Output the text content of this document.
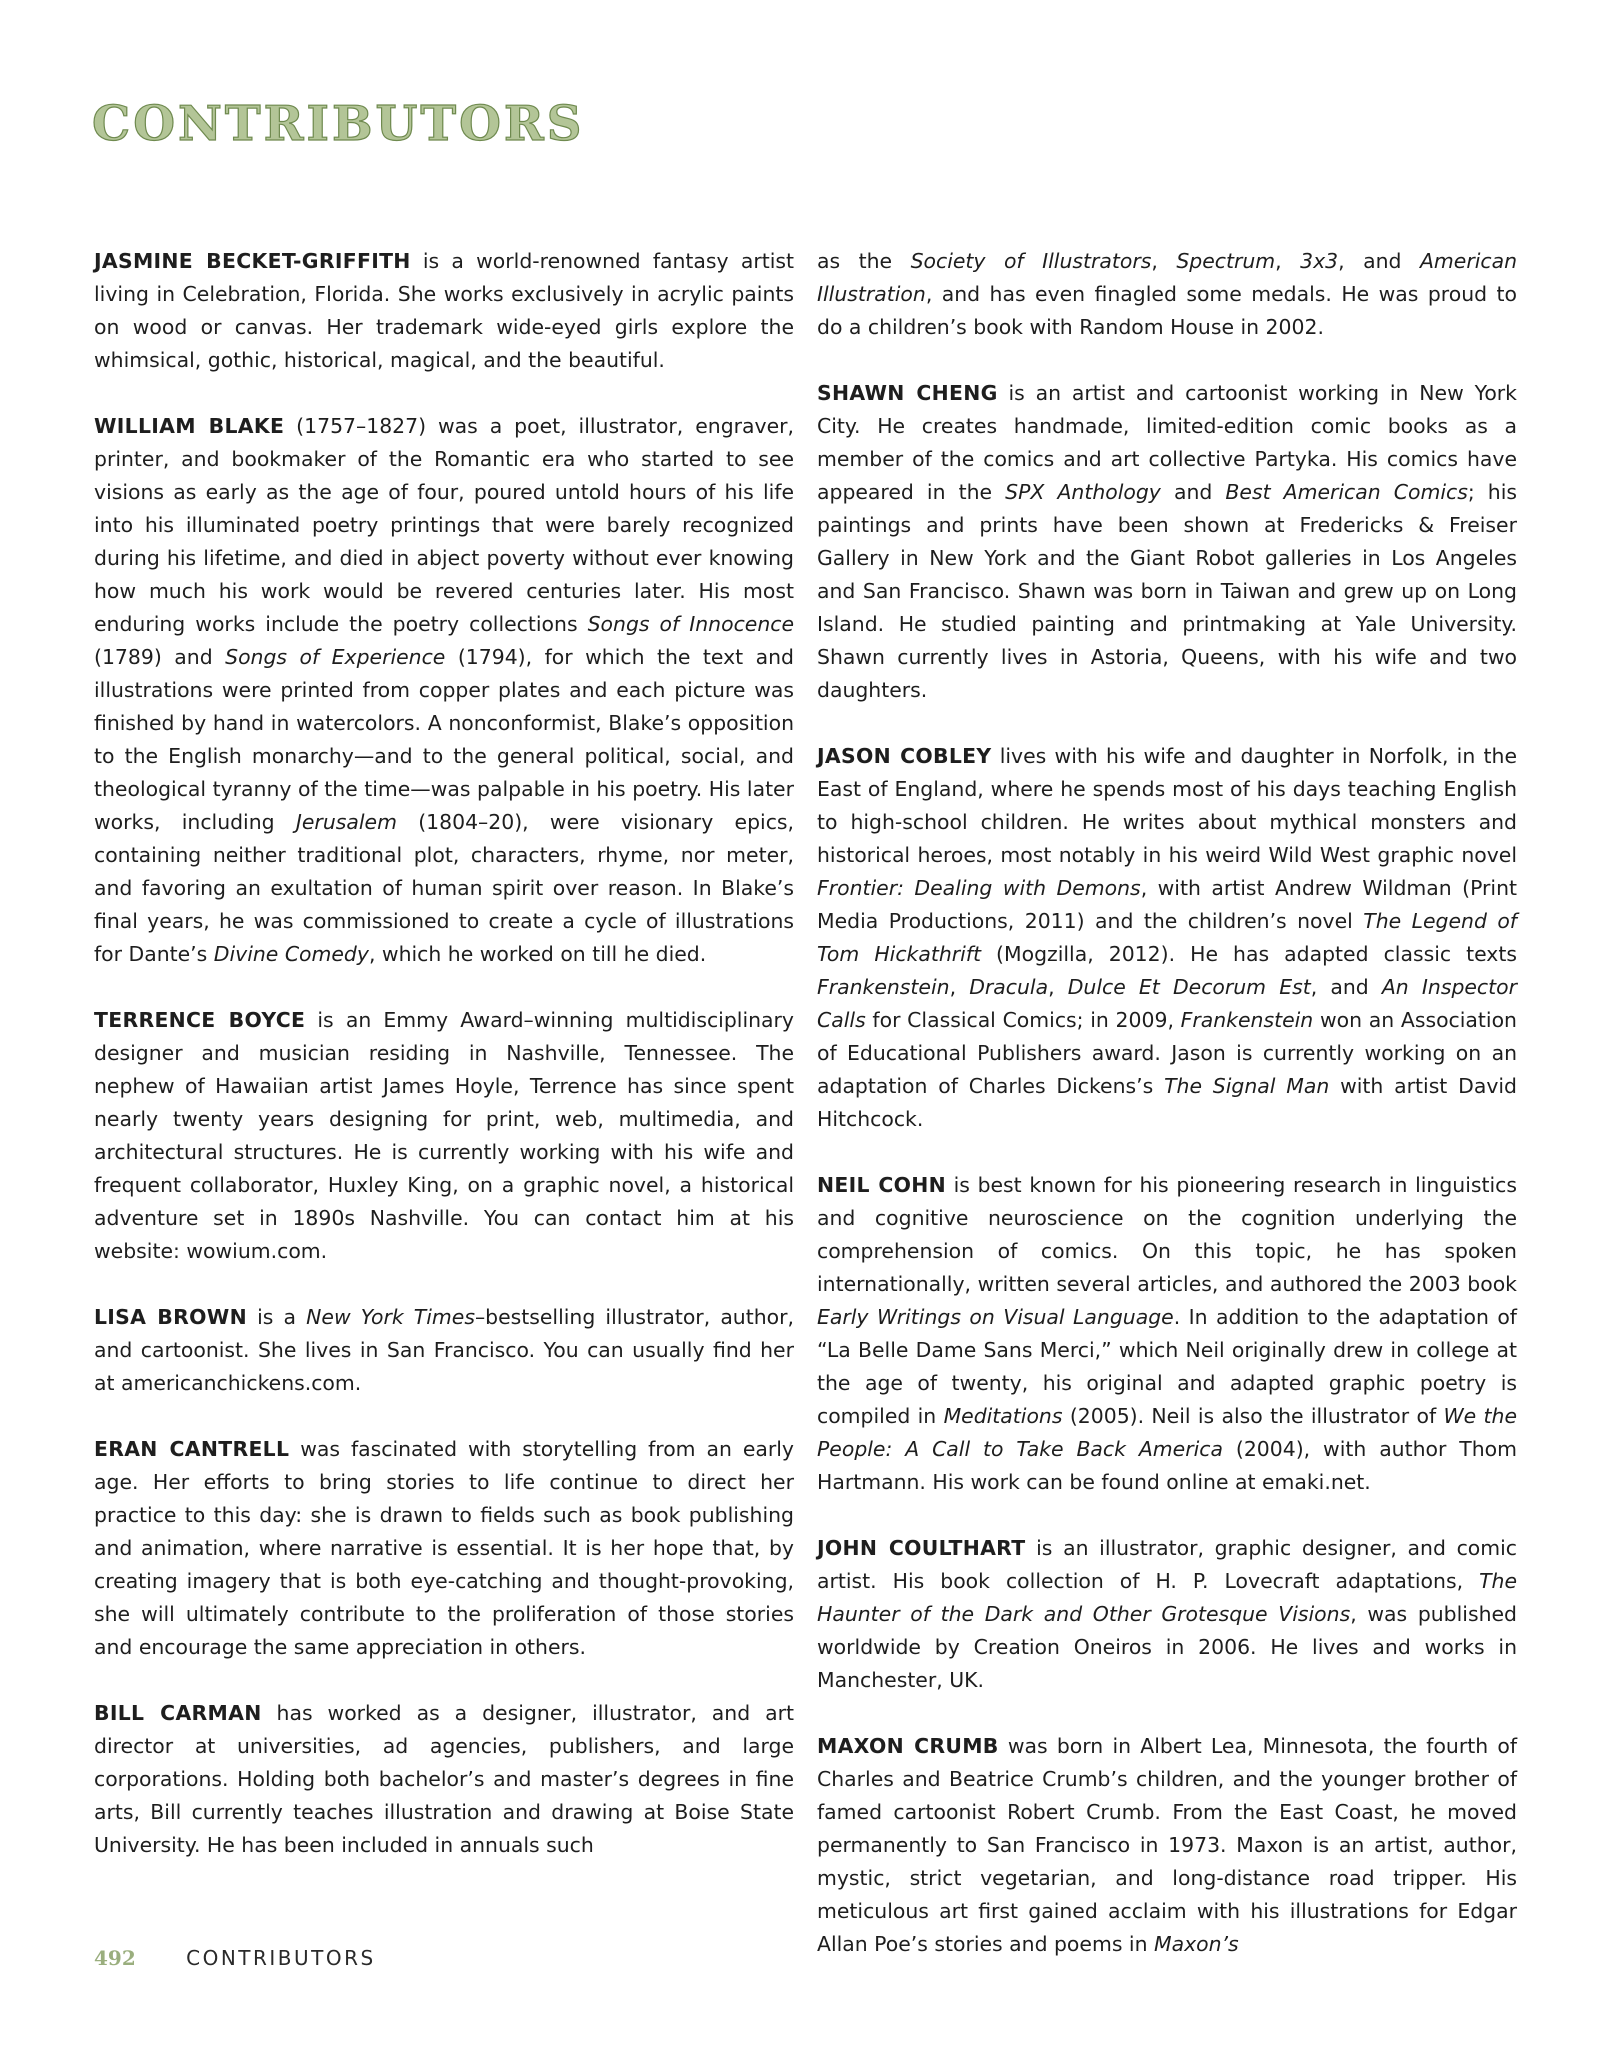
CONTRIBUTORS

JASMINE BECKET-GRIFFITH is a world-renowned fantasy artist living in Celebration, Florida. She works exclusively in acrylic paints on wood or canvas. Her trademark wide-eyed girls explore the whimsical, gothic, historical, magical, and the beautiful.

WILLIAM BLAKE (1757–1827) was a poet, illustrator, engraver, printer, and bookmaker of the Romantic era who started to see visions as early as the age of four, poured untold hours of his life into his illuminated poetry printings that were barely recognized during his lifetime, and died in abject poverty without ever knowing how much his work would be revered centuries later. His most enduring works include the poetry collections Songs of Innocence (1789) and Songs of Experience (1794), for which the text and illustrations were printed from copper plates and each picture was finished by hand in watercolors. A nonconformist, Blake’s opposition to the English monarchy—and to the general political, social, and theological tyranny of the time—was palpable in his poetry. His later works, including Jerusalem (1804–20), were visionary epics, containing neither traditional plot, characters, rhyme, nor meter, and favoring an exultation of human spirit over reason. In Blake’s final years, he was commissioned to create a cycle of illustrations for Dante’s Divine Comedy, which he worked on till he died.

TERRENCE BOYCE is an Emmy Award–winning multidisciplinary designer and musician residing in Nashville, Tennessee. The nephew of Hawaiian artist James Hoyle, Terrence has since spent nearly twenty years designing for print, web, multimedia, and architectural structures. He is currently working with his wife and frequent collaborator, Huxley King, on a graphic novel, a historical adventure set in 1890s Nashville. You can contact him at his website: wowium.com.

LISA BROWN is a New York Times–bestselling illustrator, author, and cartoonist. She lives in San Francisco. You can usually find her at americanchickens.com.

ERAN CANTRELL was fascinated with storytelling from an early age. Her efforts to bring stories to life continue to direct her practice to this day: she is drawn to fields such as book publishing and animation, where narrative is essential. It is her hope that, by creating imagery that is both eye-catching and thought-provoking, she will ultimately contribute to the proliferation of those stories and encourage the same appreciation in others.

BILL CARMAN has worked as a designer, illustrator, and art director at universities, ad agencies, publishers, and large corporations. Holding both bachelor’s and master’s degrees in fine arts, Bill currently teaches illustration and drawing at Boise State University. He has been included in annuals such

as the Society of Illustrators, Spectrum, 3x3, and American Illustration, and has even finagled some medals. He was proud to do a children’s book with Random House in 2002.

SHAWN CHENG is an artist and cartoonist working in New York City. He creates handmade, limited-edition comic books as a member of the comics and art collective Partyka. His comics have appeared in the SPX Anthology and Best American Comics; his paintings and prints have been shown at Fredericks & Freiser Gallery in New York and the Giant Robot galleries in Los Angeles and San Francisco. Shawn was born in Taiwan and grew up on Long Island. He studied painting and printmaking at Yale University. Shawn currently lives in Astoria, Queens, with his wife and two daughters.

JASON COBLEY lives with his wife and daughter in Norfolk, in the East of England, where he spends most of his days teaching English to high-school children. He writes about mythical monsters and historical heroes, most notably in his weird Wild West graphic novel Frontier: Dealing with Demons, with artist Andrew Wildman (Print Media Productions, 2011) and the children’s novel The Legend of Tom Hickathrift (Mogzilla, 2012). He has adapted classic texts Frankenstein, Dracula, Dulce Et Decorum Est, and An Inspector Calls for Classical Comics; in 2009, Frankenstein won an Association of Educational Publishers award. Jason is currently working on an adaptation of Charles Dickens’s The Signal Man with artist David Hitchcock.

NEIL COHN is best known for his pioneering research in linguistics and cognitive neuroscience on the cognition underlying the comprehension of comics. On this topic, he has spoken internationally, written several articles, and authored the 2003 book Early Writings on Visual Language. In addition to the adaptation of “La Belle Dame Sans Merci,” which Neil originally drew in college at the age of twenty, his original and adapted graphic poetry is compiled in Meditations (2005). Neil is also the illustrator of We the People: A Call to Take Back America (2004), with author Thom Hartmann. His work can be found online at emaki.net.

JOHN COULTHART is an illustrator, graphic designer, and comic artist. His book collection of H. P. Lovecraft adaptations, The Haunter of the Dark and Other Grotesque Visions, was published worldwide by Creation Oneiros in 2006. He lives and works in Manchester, UK.

MAXON CRUMB was born in Albert Lea, Minnesota, the fourth of Charles and Beatrice Crumb’s children, and the younger brother of famed cartoonist Robert Crumb. From the East Coast, he moved permanently to San Francisco in 1973. Maxon is an artist, author, mystic, strict vegetarian, and long-distance road tripper. His meticulous art first gained acclaim with his illustrations for Edgar Allan Poe’s stories and poems in Maxon’s

492	CONTRIBUTORS
